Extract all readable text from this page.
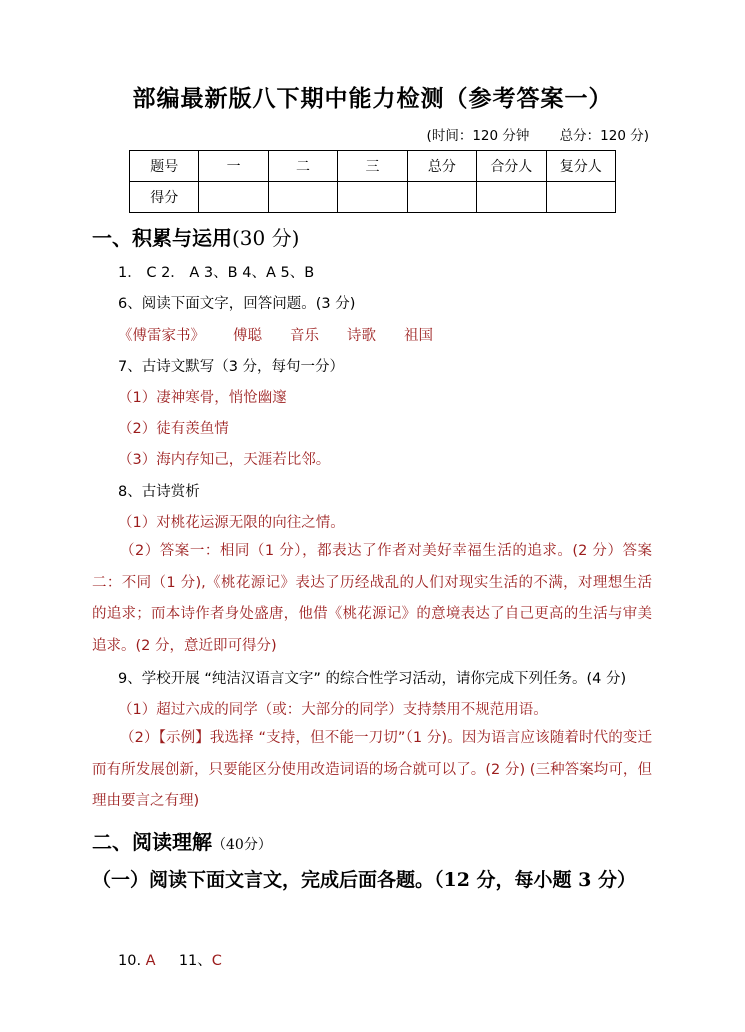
部编最新版八下期中能力检测（参考答案一）
(时间：120 分钟 总分：120 分)
题号	一	二	三	总分	合分人	复分人
得分						
一、积累与运用(30 分)
1． C 2． A 3、B 4、A 5、B
6、阅读下面文字，回答问题。(3 分)
《傅雷家书》 傅聪 音乐 诗歌 祖国
7、古诗文默写（3 分，每句一分）
（1）凄神寒骨，悄怆幽邃
（2）徒有羡鱼情
（3）海内存知己，天涯若比邻。
8、古诗赏析
（1）对桃花运源无限的向往之情。
（2）答案一：相同（1 分），都表达了作者对美好幸福生活的追求。(2 分）答案二：不同（1 分),《桃花源记》表达了历经战乱的人们对现实生活的不满，对理想生活的追求；而本诗作者身处盛唐，他借《桃花源记》的意境表达了自己更高的生活与审美追求。(2 分，意近即可得分)
9、学校开展 “纯洁汉语言文字” 的综合性学习活动，请你完成下列任务。(4 分)
（1）超过六成的同学（或：大部分的同学）支持禁用不规范用语。
（2）【示例】我选择 “支持，但不能一刀切”（1 分)。因为语言应该随着时代的变迁而有所发展创新，只要能区分使用改造词语的场合就可以了。(2 分) (三种答案均可，但理由要言之有理)
二、阅读理解（40分）
（一）阅读下面文言文，完成后面各题。（12 分，每小题 3 分）
10. A 11、C
